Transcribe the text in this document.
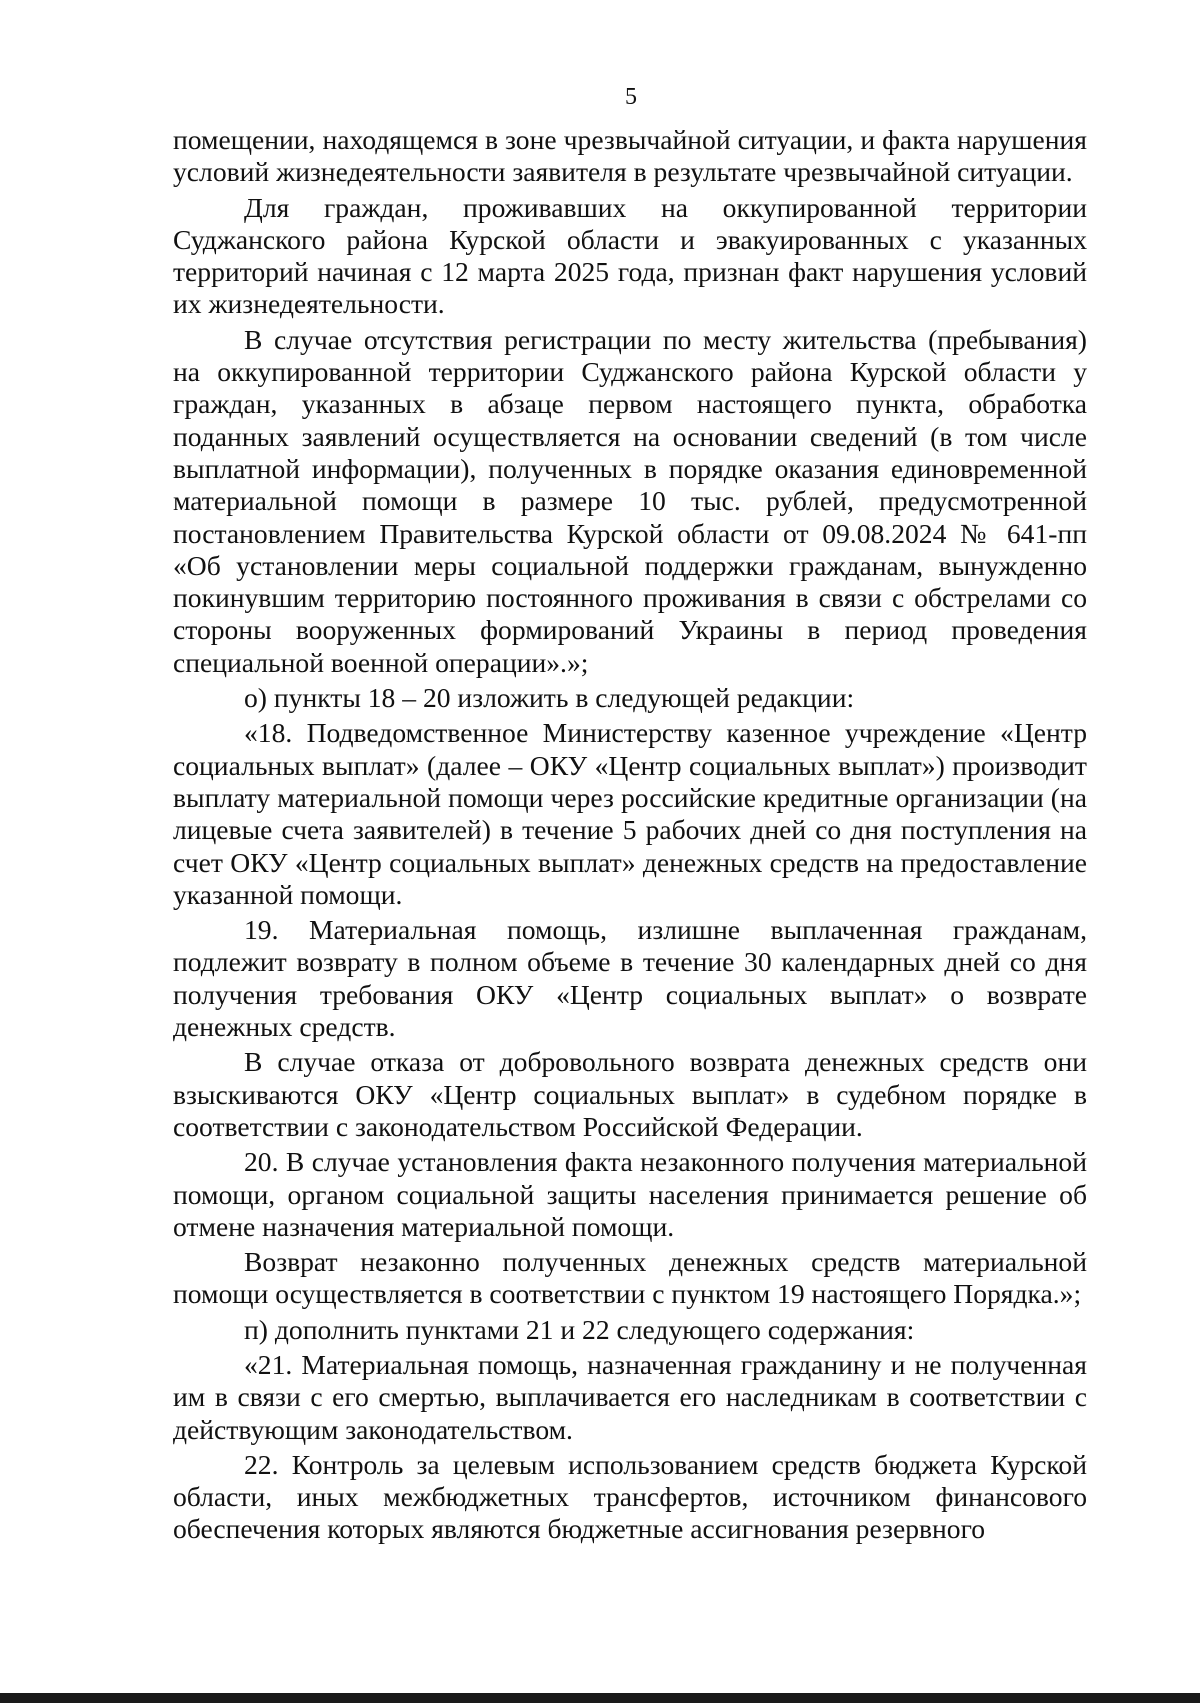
5

помещении, находящемся в зоне чрезвычайной ситуации, и факта нарушения условий жизнедеятельности заявителя в результате чрезвычайной ситуации.

Для граждан, проживавших на оккупированной территории Суджанского района Курской области и эвакуированных с указанных территорий начиная с 12 марта 2025 года, признан факт нарушения условий их жизнедеятельности.

В случае отсутствия регистрации по месту жительства (пребывания) на оккупированной территории Суджанского района Курской области у граждан, указанных в абзаце первом настоящего пункта, обработка поданных заявлений осуществляется на основании сведений (в том числе выплатной информации), полученных в порядке оказания единовременной материальной помощи в размере 10 тыс. рублей, предусмотренной постановлением Правительства Курской области от 09.08.2024 № 641-пп «Об установлении меры социальной поддержки гражданам, вынужденно покинувшим территорию постоянного проживания в связи с обстрелами со стороны вооруженных формирований Украины в период проведения специальной военной операции».»;

о) пункты 18 – 20 изложить в следующей редакции:

«18. Подведомственное Министерству казенное учреждение «Центр социальных выплат» (далее – ОКУ «Центр социальных выплат») производит выплату материальной помощи через российские кредитные организации (на лицевые счета заявителей) в течение 5 рабочих дней со дня поступления на счет ОКУ «Центр социальных выплат» денежных средств на предоставление указанной помощи.

19. Материальная помощь, излишне выплаченная гражданам, подлежит возврату в полном объеме в течение 30 календарных дней со дня получения требования ОКУ «Центр социальных выплат» о возврате денежных средств.

В случае отказа от добровольного возврата денежных средств они взыскиваются ОКУ «Центр социальных выплат» в судебном порядке в соответствии с законодательством Российской Федерации.

20. В случае установления факта незаконного получения материальной помощи, органом социальной защиты населения принимается решение об отмене назначения материальной помощи.

Возврат незаконно полученных денежных средств материальной помощи осуществляется в соответствии с пунктом 19 настоящего Порядка.»;

п) дополнить пунктами 21 и 22 следующего содержания:

«21. Материальная помощь, назначенная гражданину и не полученная им в связи с его смертью, выплачивается его наследникам в соответствии с действующим законодательством.

22. Контроль за целевым использованием средств бюджета Курской области, иных межбюджетных трансфертов, источником финансового обеспечения которых являются бюджетные ассигнования резервного
